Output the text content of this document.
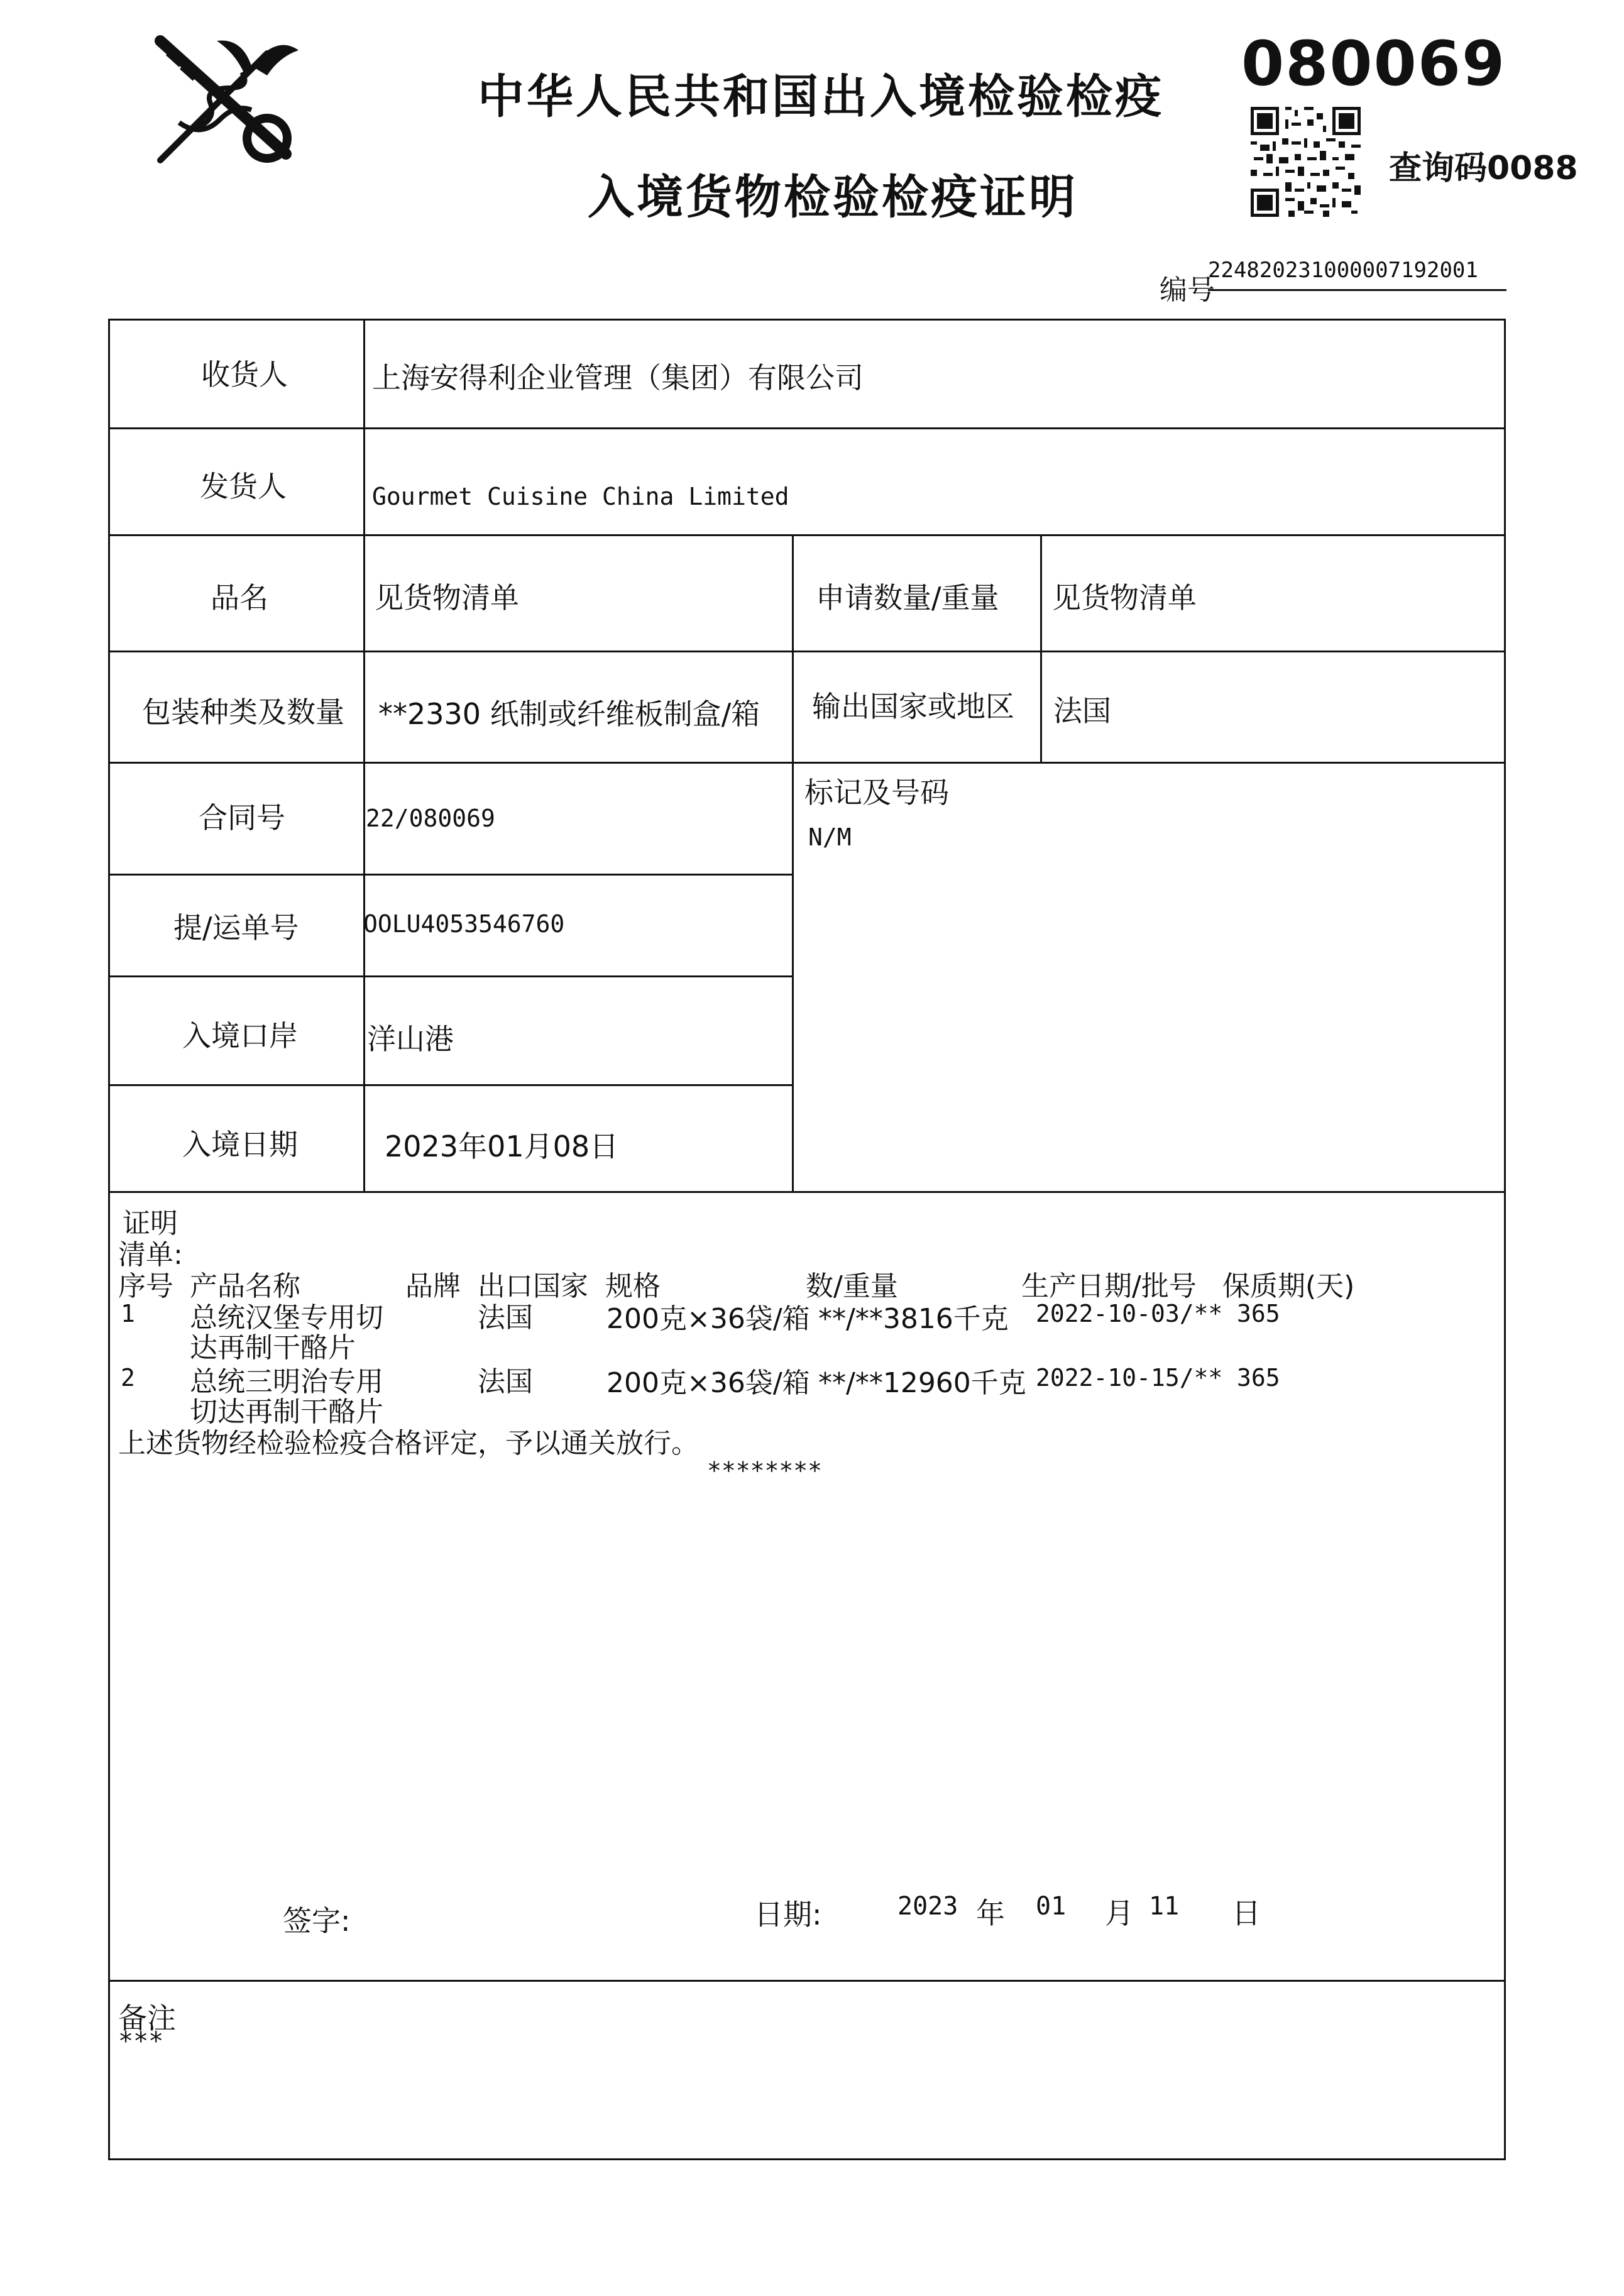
中华人民共和国出入境检验检疫
入境货物检验检疫证明
080069
查询码0088
编号
224820231000007192001
收货人	上海安得利企业管理（集团）有限公司
发货人	Gourmet Cuisine China Limited
品名	见货物清单	申请数量/重量 见货物清单
包装种类及数量 **2330 纸制或纤维板制盒/箱 输出国家或地区 法国
合同号	22/080069
标记及号码
N/M
提/运单号	OOLU4053546760
入境口岸 洋山港
入境日期	2023年01月08日
证明
清单:
序号 产品名称	品牌 出口国家 规格	数/重量	生产日期/批号 保质期(天)
1 总统汉堡专用切
达再制干酪片
法国	200克×36袋/箱 **/**3816千克 2022-10-03/** 365
2 总统三明治专用
切达再制干酪片
法国	200克×36袋/箱 **/**12960千克 2022-10-15/** 365
上述货物经检验检疫合格评定，予以通关放行。
********
签字:	日期:	2023 年 01 月 11 日
备注
***
